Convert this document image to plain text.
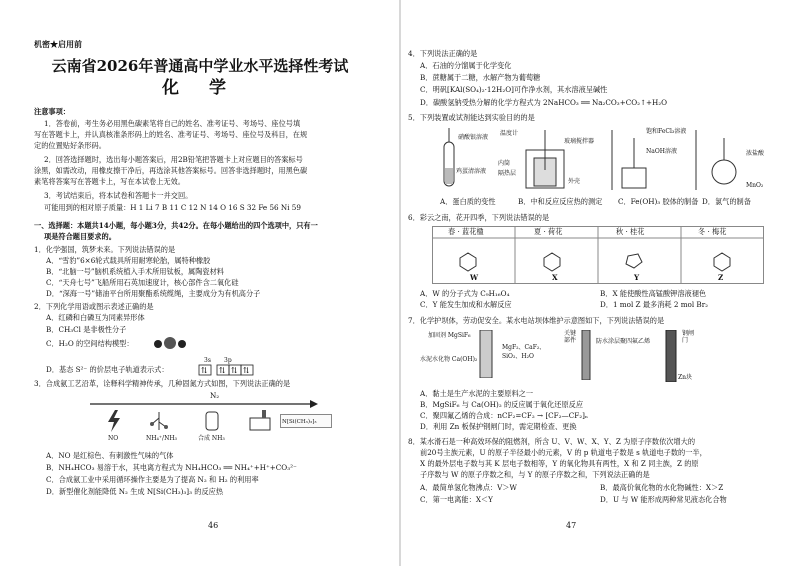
机密★启用前
云南省2026年普通高中学业水平选择性考试
化 学
注意事项：
1．答卷前，考生务必用黑色碳素笔将自己的姓名、准考证号、考场号、座位号填
写在答题卡上，并认真核准条形码上的姓名、准考证号、考场号、座位号及科目，在规
定的位置贴好条形码。
2．回答选择题时，选出每小题答案后，用2B铅笔把答题卡上对应题目的答案标号
涂黑，如需改动，用橡皮擦干净后，再选涂其他答案标号。回答非选择题时，用黑色碳
素笔将答案写在答题卡上，写在本试卷上无效。
3．考试结束后，将本试卷和答题卡一并交回。
可能用到的相对原子质量：H 1 Li 7 B 11 C 12 N 14 O 16 S 32 Fe 56 Ni 59
一、选择题：本题共14小题，每小题3分，共42分。在每小题给出的四个选项中，只有一
项是符合题目要求的。
1．化学强国，筑梦未来。下列说法错误的是
A．“雪豹”6×6轮式载具所用耐寒轮胎，属特种橡胶
B．“北脑一号”脑机系统植入手术所用钛板，属陶瓷材料
C．“天舟七号”飞船所用石英加速度计，核心部件含二氧化硅
D．“深海一号”储油平台所用聚酯系统缆绳，主要成分为有机高分子
2．下列化学用语或图示表述正确的是
A．红磷和白磷互为同素异形体
B．CH₃Cl 是非极性分子
C．H₂O 的空间结构模型：
D．基态 S²⁻ 的价层电子轨道表示式：
3s 3p
⇅ ⇅ ⇅ ⇅
3．合成氨工艺沿革，诠释科学精神传承，几种固氮方式如图，下列说法正确的是
N₂
NO	NH₄⁺/NH₃	合成 NH₃
N[Si(CH₃)₃]₃
A．NO 是红棕色、有刺激性气味的气体
B．NH₄HCO₃ 易溶于水，其电离方程式为 NH₄HCO₃ ══ NH₄⁺+H⁺+CO₃²⁻
C．合成氨工业中采用循环操作主要是为了提高 N₂ 和 H₂ 的利用率
D．新型催化剂能降低 N₂ 生成 N[Si(CH₃)₃]₃ 的反应热
46
4．下列说法正确的是
A．石油的分馏属于化学变化
B．蔗糖属于二糖，水解产物为葡萄糖
C．明矾[KAl(SO₄)₂·12H₂O]可作净水剂，其水溶液呈碱性
D．碳酸氢钠受热分解的化学方程式为 2NaHCO₃ ══ Na₂CO₃+CO₂↑+H₂O
5．下列装置或试剂能达到实验目的的是
硝酸银溶液
鸡蛋清溶液
温度计
玻璃搅拌器
内筒
隔热层
外壳
饱和FeCl₃溶液
NaOH溶液	浓盐酸
MnO₂
A．蛋白质的变性	B．中和反应反应热的测定 C．Fe(OH)₃ 胶体的制备 D．氯气的制备
6．彩云之南，花开四季，下列说法错误的是
春 · 蓝花楹	夏 · 荷花	秋 · 桂花	冬 · 梅花
W	X	Y	Z
A．W 的分子式为 C₉H₁₆O₄	B．X 能使酸性高锰酸钾溶液褪色
C．Y 能发生加成和水解反应	D．1 mol Z 最多消耗 2 mol Br₂
7．化学护坝体，劳动促安全。某水电站坝体维护示意图如下，下列说法错误的是
加固剂 MgSiF₆
水泥水化物 Ca(OH)₂
MgF₂、CaF₂、SiO₂、H₂O
关键部件	防水涂层聚四氟乙烯
钢闸门
Zn块
A．黏土是生产水泥的主要原料之一
B．MgSiF₆ 与 Ca(OH)₂ 的反应属于氧化还原反应
C．聚四氟乙烯的合成：nCF₂=CF₂ → [CF₂—CF₂]ₙ
D．利用 Zn 板保护钢闸门时，需定期检查、更换
8．某水滑石是一种高效环保的阻燃剂，所含 U、V、W、X、Y、Z 为原子序数依次增大的
前20号主族元素，U 的原子半径最小的元素，V 的 p 轨道电子数是 s 轨道电子数的一半，
X 的最外层电子数与其 K 层电子数相等，Y 的氧化物具有两性，X 和 Z 同主族，Z 的原
子序数与 W 的原子序数之和，与 Y 的原子序数之和，下列说法正确的是
A．最简单氢化物沸点：V＞W	B．最高价氧化物的水化物碱性：X＞Z
C．第一电离能：X＜Y	D．U 与 W 能形成两种常见液态化合物
47
